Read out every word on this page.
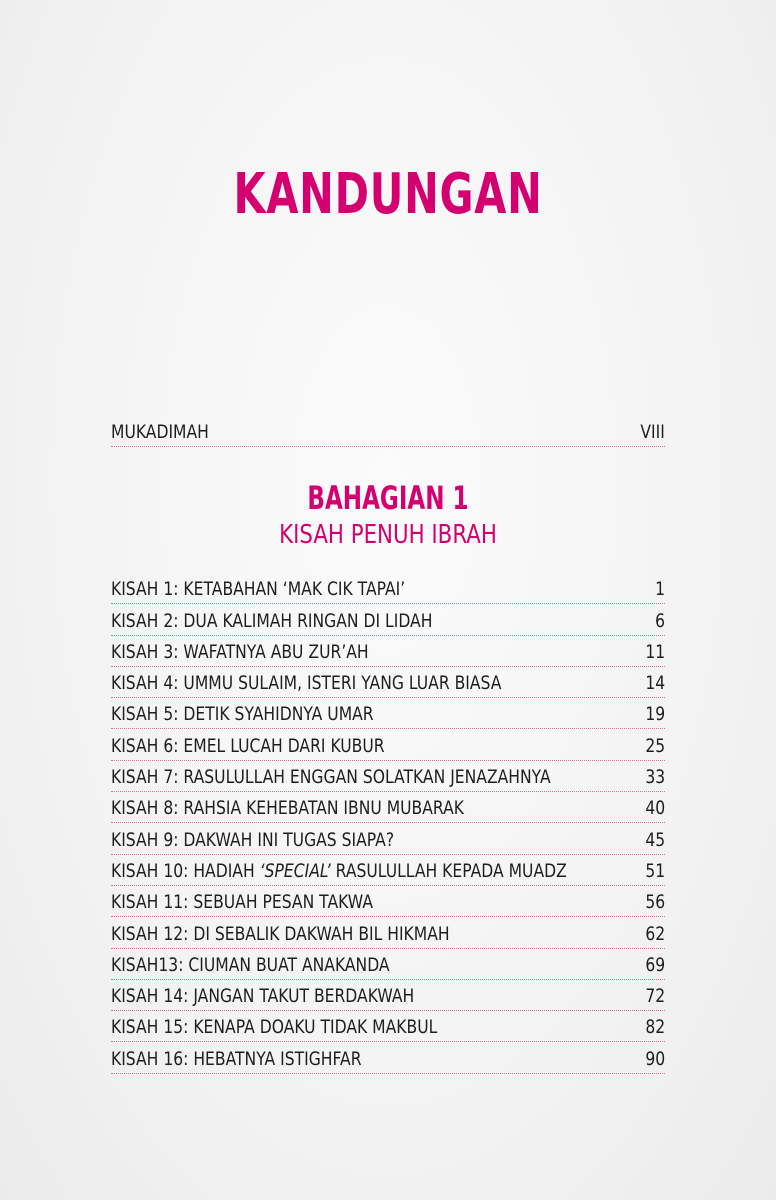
KANDUNGAN
MUKADIMAH	VIII
BAHAGIAN 1
KISAH PENUH IBRAH
KISAH 1: KETABAHAN ‘MAK CIK TAPAI’	1
KISAH 2: DUA KALIMAH RINGAN DI LIDAH	6
KISAH 3: WAFATNYA ABU ZUR’AH	11
KISAH 4: UMMU SULAIM, ISTERI YANG LUAR BIASA	14
KISAH 5: DETIK SYAHIDNYA UMAR	19
KISAH 6: EMEL LUCAH DARI KUBUR	25
KISAH 7: RASULULLAH ENGGAN SOLATKAN JENAZAHNYA	33
KISAH 8: RAHSIA KEHEBATAN IBNU MUBARAK	40
KISAH 9: DAKWAH INI TUGAS SIAPA?	45
KISAH 10: HADIAH ‘SPECIAL’ RASULULLAH KEPADA MUADZ	51
KISAH 11: SEBUAH PESAN TAKWA	56
KISAH 12: DI SEBALIK DAKWAH BIL HIKMAH	62
KISAH13: CIUMAN BUAT ANAKANDA	69
KISAH 14: JANGAN TAKUT BERDAKWAH	72
KISAH 15: KENAPA DOAKU TIDAK MAKBUL	82
KISAH 16: HEBATNYA ISTIGHFAR	90
